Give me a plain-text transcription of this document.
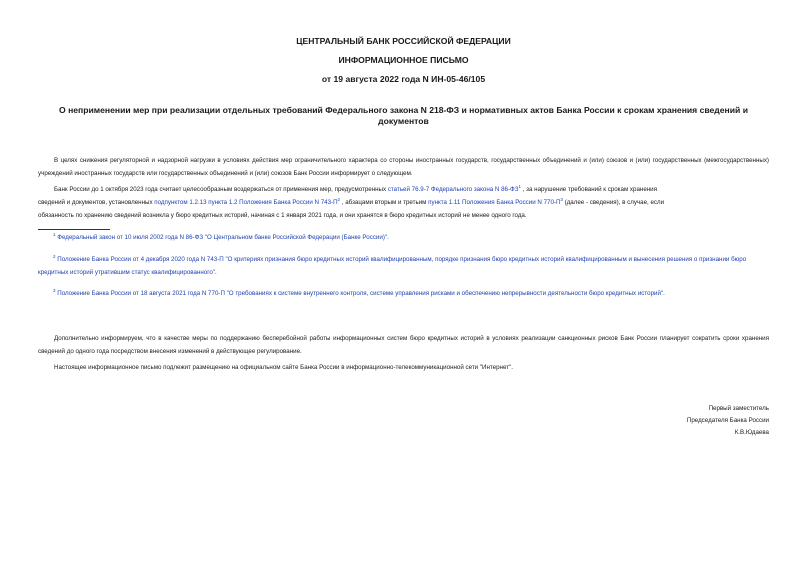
ЦЕНТРАЛЬНЫЙ БАНК РОССИЙСКОЙ ФЕДЕРАЦИИ
ИНФОРМАЦИОННОЕ ПИСЬМО
от 19 августа 2022 года N ИН-05-46/105
О неприменении мер при реализации отдельных требований Федерального закона N 218-ФЗ и нормативных актов Банка России к срокам хранения сведений и документов
В целях снижения регуляторной и надзорной нагрузки в условиях действия мер ограничительного характера со стороны иностранных государств, государственных объединений и (или) союзов и (или) государственных (межгосударственных) учреждений иностранных государств или государственных объединений и (или) союзов Банк России информирует о следующем.
Банк России до 1 октября 2023 года считает целесообразным воздержаться от применения мер, предусмотренных статьей 76.9-7 Федерального закона N $86-ФЗ^1$ , за нарушение требований к срокам хранения
сведений и документов, установленных подпунктом 1.2.13 пункта 1.2 Положения Банка России N $743-П^2$ , абзацами вторым и третьим пункта 1.11 Положения Банка России N $770-П^3$ (далее - сведения), в случае, если
обязанность по хранению сведений возникла у бюро кредитных историй, начиная с 1 января 2021 года, и они хранятся в бюро кредитных историй не менее одного года.
$^1$ Федеральный закон от 10 июля 2002 года N 86-ФЗ "О Центральном банке Российской Федерации (Банке России)".
$^2$ Положение Банка России от 4 декабря 2020 года N 743-П "О критериях признания бюро кредитных историй квалифицированным, порядке признания бюро кредитных историй квалифицированным и вынесения решения о признании бюро кредитных историй утратившим статус квалифицированного".
$^3$ Положение Банка России от 18 августа 2021 года N 770-П "О требованиях к системе внутреннего контроля, системе управления рисками и обеспечению непрерывности деятельности бюро кредитных историй".
Дополнительно информируем, что в качестве меры по поддержанию бесперебойной работы информационных систем бюро кредитных историй в условиях реализации санкционных рисков Банк России планирует сократить сроки хранения сведений до одного года посредством внесения изменений в действующее регулирование.
Настоящее информационное письмо подлежит размещению на официальном сайте Банка России в информационно-телекоммуникационной сети "Интернет".
Первый заместитель
Председателя Банка России
К.В.Юдаева
